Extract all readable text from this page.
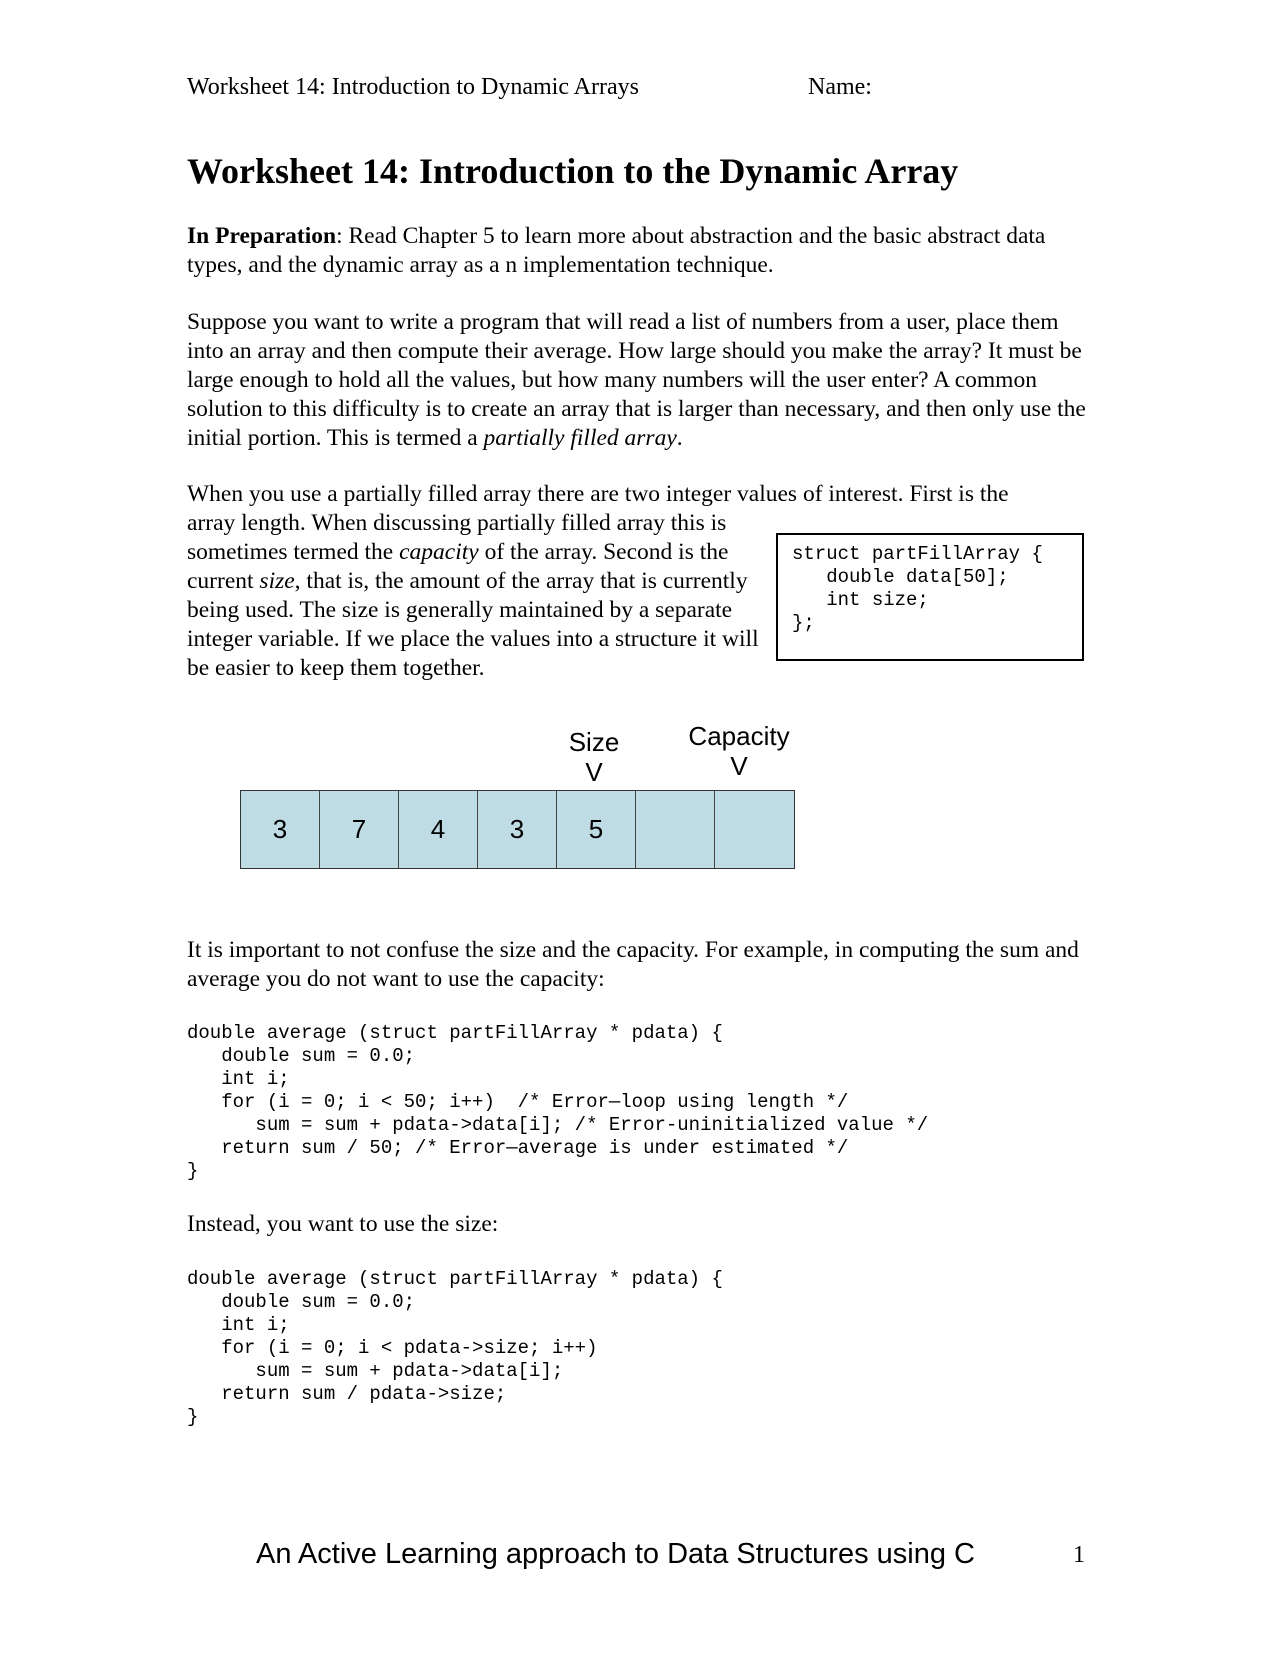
Worksheet 14: Introduction to Dynamic Arrays	Name:
Worksheet 14: Introduction to the Dynamic Array

In Preparation: Read Chapter 5 to learn more about abstraction and the basic abstract data types, and the dynamic array as a n implementation technique.

Suppose you want to write a program that will read a list of numbers from a user, place them into an array and then compute their average. How large should you make the array? It must be large enough to hold all the values, but how many numbers will the user enter? A common solution to this difficulty is to create an array that is larger than necessary, and then only use the initial portion. This is termed a partially filled array.

When you use a partially filled array there are two integer values of interest. First is the

array length. When discussing partially filled array this is sometimes termed the capacity of the array. Second is the current size, that is, the amount of the array that is currently being used. The size is generally maintained by a separate integer variable. If we place the values into a structure it will be easier to keep them together.

struct partFillArray {
double data[50];
int size;
};
Size
V
Capacity
V
3	7	4	3	5

It is important to not confuse the size and the capacity. For example, in computing the sum and average you do not want to use the capacity:

double average (struct partFillArray * pdata) {
double sum = 0.0;
int i;
for (i = 0; i < 50; i++)  /* Error—loop using length */
sum = sum + pdata->data[i]; /* Error-uninitialized value */
return sum / 50; /* Error—average is under estimated */
}

Instead, you want to use the size:

double average (struct partFillArray * pdata) {
double sum = 0.0;
int i;
for (i = 0; i < pdata->size; i++)
sum = sum + pdata->data[i];
return sum / pdata->size;
}
An Active Learning approach to Data Structures using C	1
